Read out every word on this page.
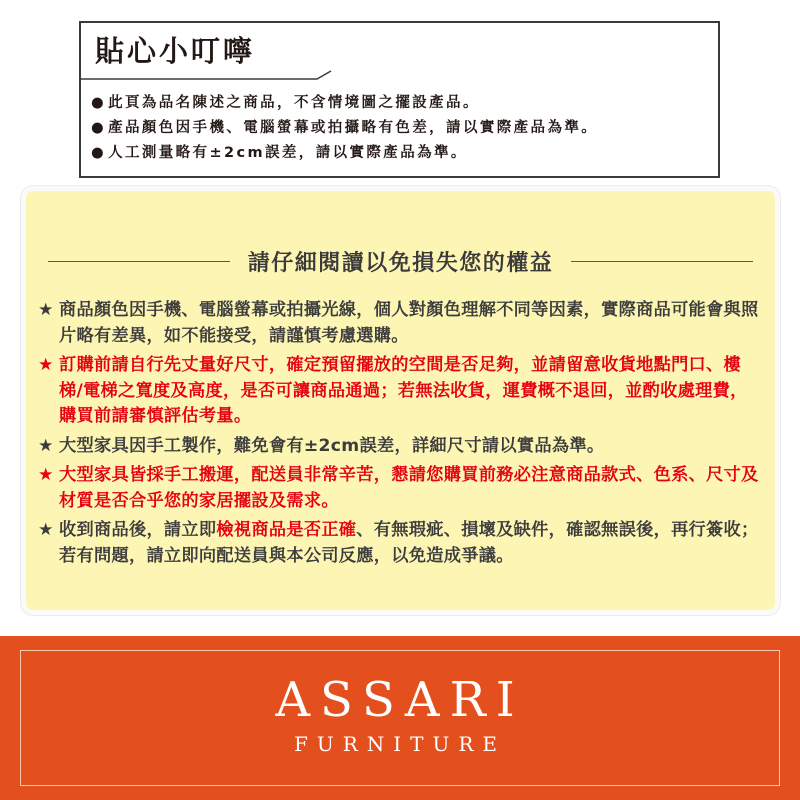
貼心小叮嚀
● 此頁為品名陳述之商品，不含情境圖之擺設產品。
● 產品顏色因手機、電腦螢幕或拍攝略有色差，請以實際產品為準。
● 人工測量略有±2cm誤差，請以實際產品為準。
請仔細閱讀以免損失您的權益
★ 商品顏色因手機、電腦螢幕或拍攝光線，個人對顏色理解不同等因素，實際商品可能會與照片略有差異，如不能接受，請謹慎考慮選購。
★ 訂購前請自行先丈量好尺寸，確定預留擺放的空間是否足夠，並請留意收貨地點門口、樓梯/電梯之寬度及高度，是否可讓商品通過；若無法收貨，運費概不退回，並酌收處理費，購買前請審慎評估考量。
★ 大型家具因手工製作，難免會有±2cm誤差，詳細尺寸請以實品為準。
★ 大型家具皆採手工搬運，配送員非常辛苦，懇請您購買前務必注意商品款式、色系、尺寸及材質是否合乎您的家居擺設及需求。
★ 收到商品後，請立即檢視商品是否正確、有無瑕疵、損壞及缺件，確認無誤後，再行簽收；若有問題，請立即向配送員與本公司反應，以免造成爭議。
ASSARI
FURNITURE
